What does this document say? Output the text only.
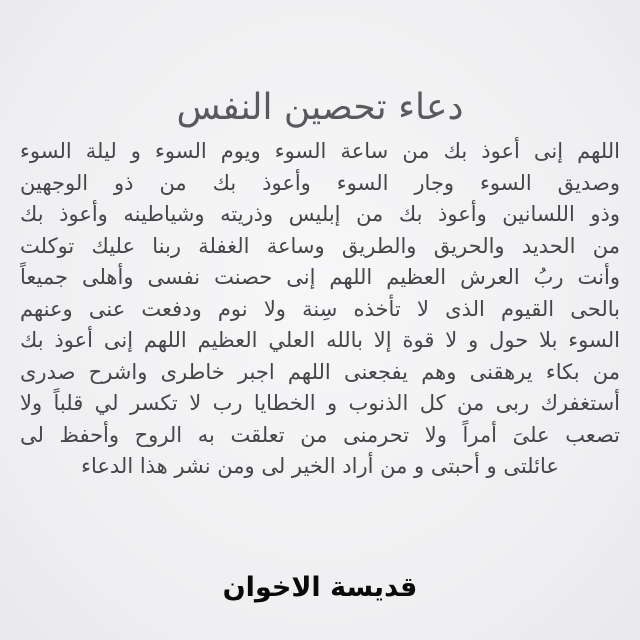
دعاء تحصين النفس
اللهم إنى أعوذ بك من ساعة السوء ويوم السوء و ليلة السوء
وصديق السوء وجار السوء وأعوذ بك من ذو الوجهين
وذو اللسانين وأعوذ بك من إبليس وذريته وشياطينه وأعوذ بك
من الحديد والحريق والطريق وساعة الغفلة ربنا عليك توكلت
وأنت ربُ العرش العظيم اللهم إنى حصنت نفسى وأهلى جميعاً
بالحى القيوم الذى لا تأخذه سِنة ولا نوم ودفعت عنى وعنهم
السوء بلا حول و لا قوة إلا بالله العلي العظيم اللهم إنى أعوذ بك
من بكاء يرهقنى وهم يفجعنى اللهم اجبر خاطرى واشرح صدرى
أستغفرك ربى من كل الذنوب و الخطايا رب لا تكسر لي قلباً ولا
تصعب علىَ أمراً ولا تحرمنى من تعلقت به الروح وأحفظ لى
عائلتى و أحبتى و من أراد الخير لى ومن نشر هذا الدعاء
قديسة الاخوان
